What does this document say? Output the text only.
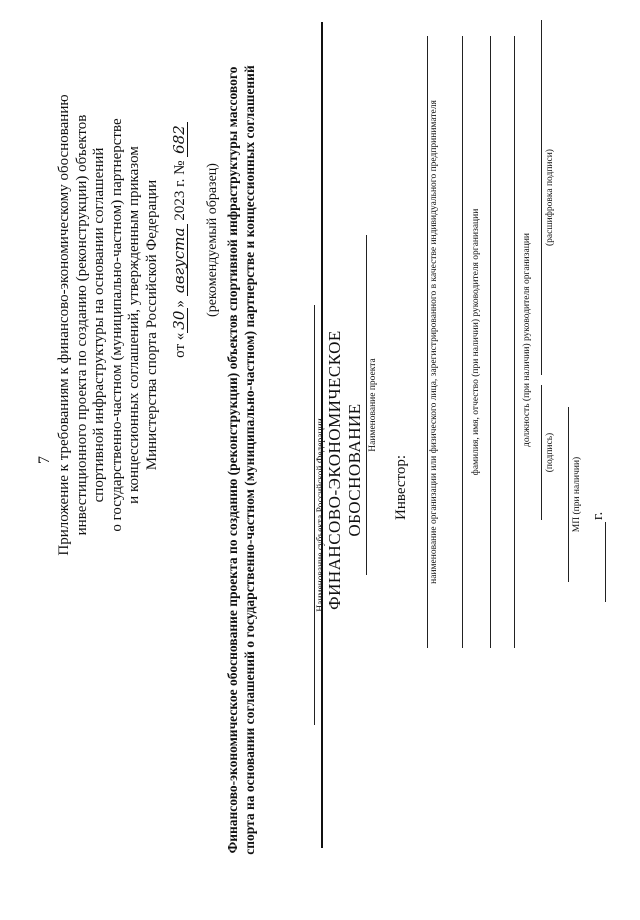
7 Приложение к требованиям к финансово-экономическому обоснованию инвестиционного проекта по созданию (реконструкции) объектов спортивной инфраструктуры на основании соглашений о государственно-частном (муниципально-частном) партнерстве и концессионных соглашений, утвержденным приказом Министерства спорта Российской Федерации от «30» августа 2023 г. № 682
(рекомендуемый образец) Финансово-экономическое обоснование проекта по созданию (реконструкции) объектов спортивной инфраструктуры массового спорта на основании соглашений о государственно-частном (муниципально-частном) партнерстве и концессионных соглашений	Наименование субъекта Российской Федерации ФИНАНСОВО-ЭКОНОМИЧЕСКОЕ ОБОСНОВАНИЕ Наименование проекта
Инвестор: наименование организации или физического лица, зарегистрированного в качестве индивидуального предпринимателя	фамилия, имя, отчество (при наличии) руководителя организации	должность (при наличии) руководителя организации
(подпись)
(расшифровка подписи)
МП (при наличии) г.
